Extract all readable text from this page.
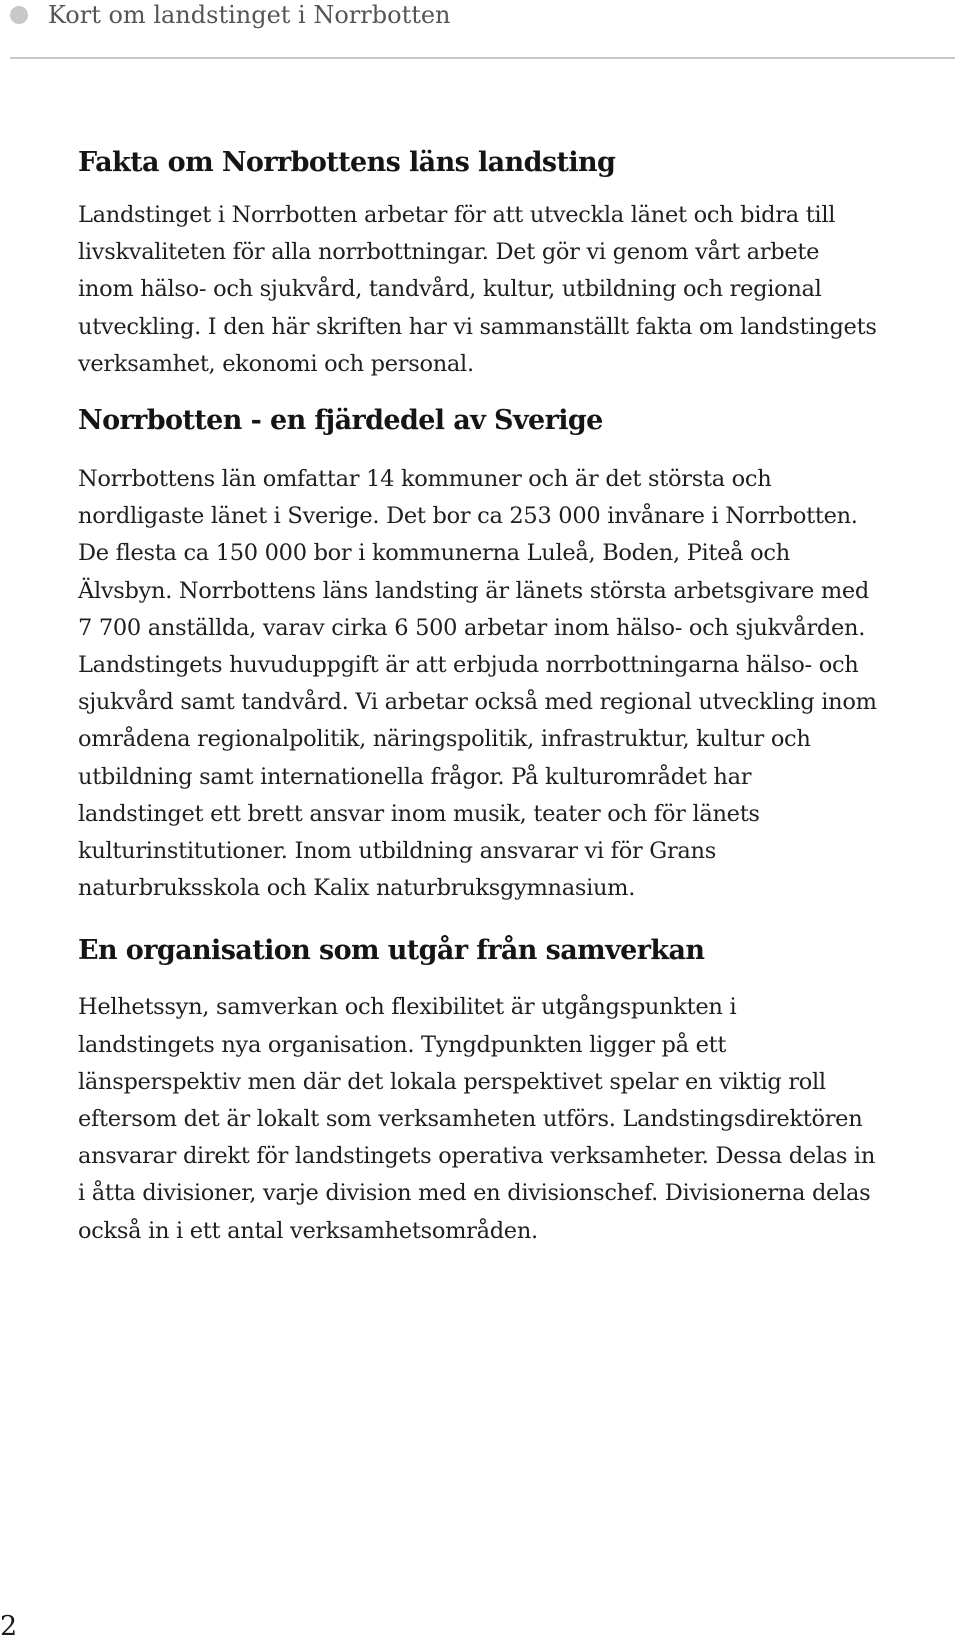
Kort om landstinget i Norrbotten
Fakta om Norrbottens läns landsting

Landstinget i Norrbotten arbetar för att utveckla länet och bidra till livskvaliteten för alla norrbottningar. Det gör vi genom vårt arbete inom hälso- och sjukvård, tandvård, kultur, utbildning och regional utveckling. I den här skriften har vi sammanställt fakta om landstingets verksamhet, ekonomi och personal.

Norrbotten - en fjärdedel av Sverige

Norrbottens län omfattar 14 kommuner och är det största och nordligaste länet i Sverige. Det bor ca 253 000 invånare i Norrbotten. De flesta ca 150 000 bor i kommunerna Luleå, Boden, Piteå och Älvsbyn. Norrbottens läns landsting är länets största arbetsgivare med 7 700 anställda, varav cirka 6 500 arbetar inom hälso- och sjukvården. Landstingets huvuduppgift är att erbjuda norrbottningarna hälso- och sjukvård samt tandvård. Vi arbetar också med regional utveckling inom områdena regionalpolitik, näringspolitik, infrastruktur, kultur och utbildning samt internationella frågor. På kulturområdet har landstinget ett brett ansvar inom musik, teater och för länets kulturinstitutioner. Inom utbildning ansvarar vi för Grans naturbruksskola och Kalix naturbruksgymnasium.

En organisation som utgår från samverkan

Helhetssyn, samverkan och flexibilitet är utgångspunkten i landstingets nya organisation. Tyngdpunkten ligger på ett länsperspektiv men där det lokala perspektivet spelar en viktig roll eftersom det är lokalt som verksamheten utförs. Landstingsdirektören ansvarar direkt för landstingets operativa verksamheter. Dessa delas in i åtta divisioner, varje division med en divisionschef. Divisionerna delas också in i ett antal verksamhetsområden.

2
